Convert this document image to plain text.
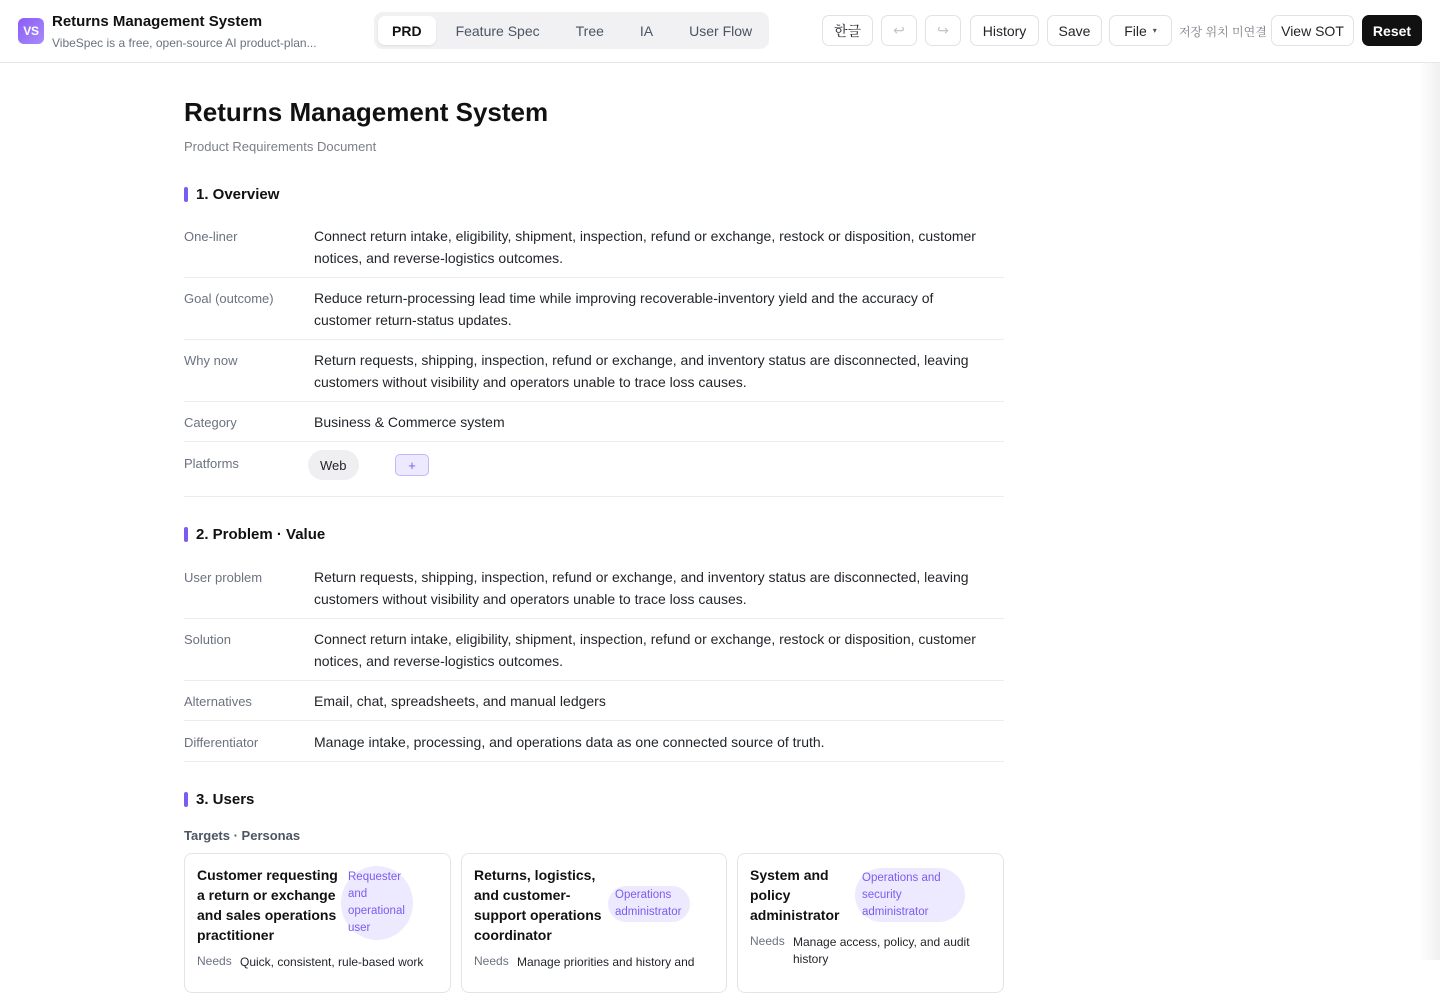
VS
Returns Management System
VibeSpec is a free, open-source AI product-plan...
PRD	Feature Spec	Tree	IA	User Flow	한글	↩ ↪	History	Save	File ▾ 저장 위치 미연결	View SOT	Reset
Returns Management System
Product Requirements Document
1. Overview
One-liner	Connect return intake, eligibility, shipment, inspection, refund or exchange, restock or disposition, customer notices, and reverse-logistics outcomes.
Goal (outcome)	Reduce return-processing lead time while improving recoverable-inventory yield and the accuracy of customer return-status updates.
Why now	Return requests, shipping, inspection, refund or exchange, and inventory status are disconnected, leaving customers without visibility and operators unable to trace loss causes.
Category	Business & Commerce system
Platforms	Web	+
2. Problem · Value
User problem	Return requests, shipping, inspection, refund or exchange, and inventory status are disconnected, leaving customers without visibility and operators unable to trace loss causes.
Solution	Connect return intake, eligibility, shipment, inspection, refund or exchange, restock or disposition, customer notices, and reverse-logistics outcomes.
Alternatives	Email, chat, spreadsheets, and manual ledgers
Differentiator	Manage intake, processing, and operations data as one connected source of truth.
3. Users
Targets · Personas
Customer requesting a return or exchange and sales operations practitioner
Requester and operational user
Needs Quick, consistent, rule-based work
Returns, logistics, and customer-support operations coordinator
Operations administrator
Needs Manage priorities and history and
System and policy administrator
Operations and security administrator
Needs Manage access, policy, and audit history
